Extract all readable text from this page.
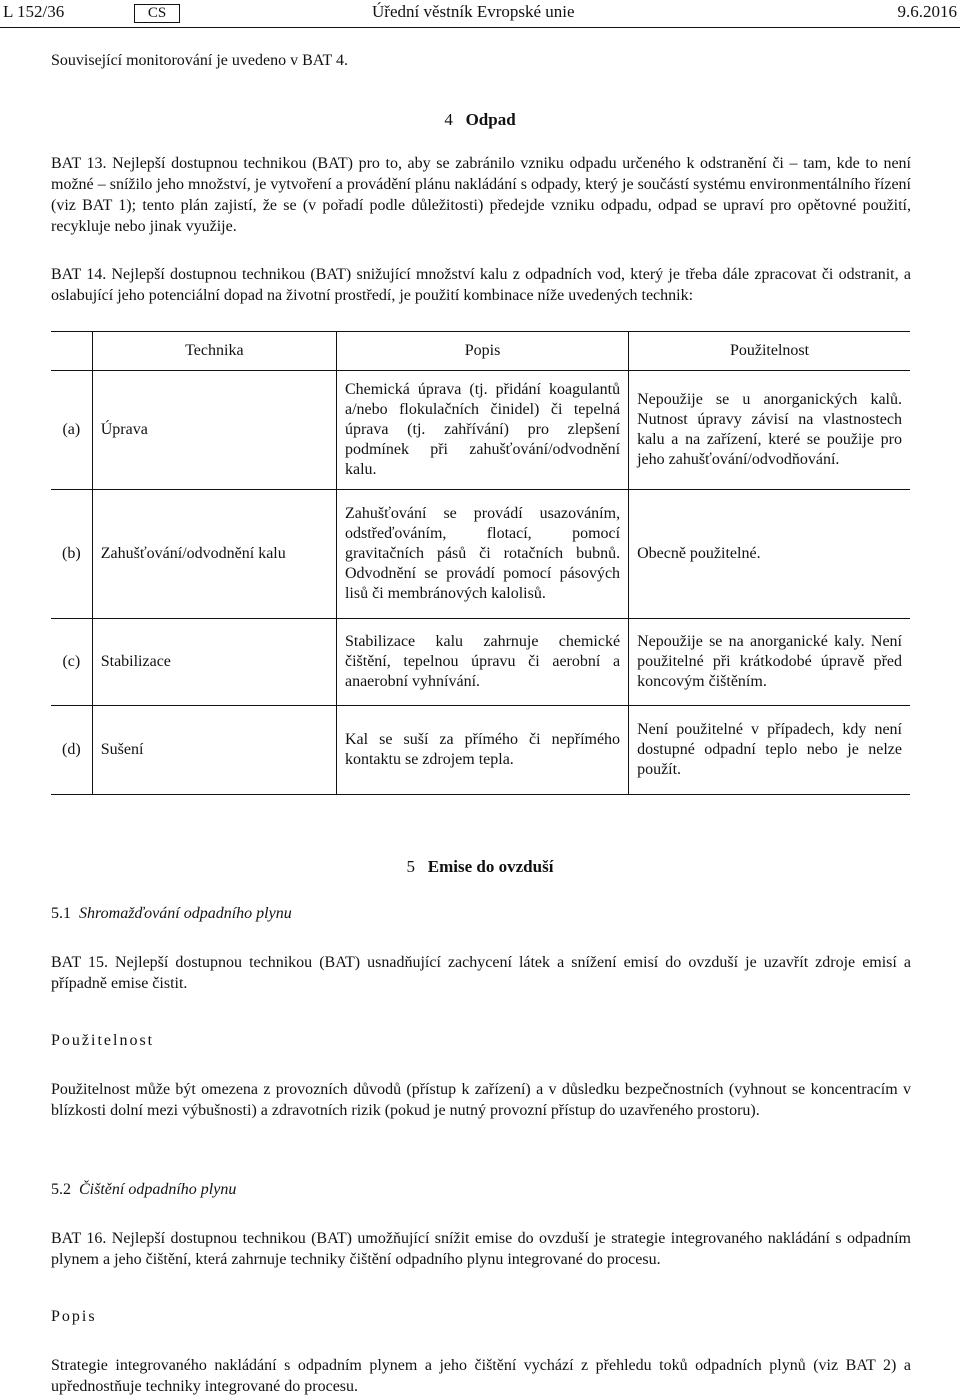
L 152/36	CS	Úřední věstník Evropské unie	9.6.2016

Související monitorování je uvedeno v BAT 4.

4 Odpad

BAT 13. Nejlepší dostupnou technikou (BAT) pro to, aby se zabránilo vzniku odpadu určeného k odstranění či – tam, kde to není možné – snížilo jeho množství, je vytvoření a provádění plánu nakládání s odpady, který je součástí systému environmentálního řízení (viz BAT 1); tento plán zajistí, že se (v pořadí podle důležitosti) předejde vzniku odpadu, odpad se upraví pro opětovné použití, recykluje nebo jinak využije.

BAT 14. Nejlepší dostupnou technikou (BAT) snižující množství kalu z odpadních vod, který je třeba dále zpracovat či odstranit, a oslabující jeho potenciální dopad na životní prostředí, je použití kombinace níže uvedených technik:

	Technika	Popis	Použitelnost
(a)	Úprava	Chemická úprava (tj. přidání koagulantů a/nebo flokulačních činidel) či tepelná úprava (tj. zahřívání) pro zlepšení podmínek při zahušťování/odvodnění kalu.	Nepoužije se u anorganických kalů. Nutnost úpravy závisí na vlastnostech kalu a na zařízení, které se použije pro jeho zahušťování/odvodňování.
(b)	Zahušťování/odvodnění kalu	Zahušťování se provádí usazováním, odstřeďováním, flotací, pomocí gravitačních pásů či rotačních bubnů. Odvodnění se provádí pomocí pásových lisů či membránových kalolisů.	Obecně použitelné.
(c)	Stabilizace	Stabilizace kalu zahrnuje chemické čištění, tepelnou úpravu či aerobní a anaerobní vyhnívání.	Nepoužije se na anorganické kaly. Není použitelné při krátkodobé úpravě před koncovým čištěním.
(d)	Sušení	Kal se suší za přímého či nepřímého kontaktu se zdrojem tepla.	Není použitelné v případech, kdy není dostupné odpadní teplo nebo je nelze použít.

5 Emise do ovzduší

5.1 Shromažďování odpadního plynu

BAT 15. Nejlepší dostupnou technikou (BAT) usnadňující zachycení látek a snížení emisí do ovzduší je uzavřít zdroje emisí a případně emise čistit.

Použitelnost

Použitelnost může být omezena z provozních důvodů (přístup k zařízení) a v důsledku bezpečnostních (vyhnout se koncentracím v blízkosti dolní mezi výbušnosti) a zdravotních rizik (pokud je nutný provozní přístup do uzavřeného prostoru).

5.2 Čištění odpadního plynu

BAT 16. Nejlepší dostupnou technikou (BAT) umožňující snížit emise do ovzduší je strategie integrovaného nakládání s odpadním plynem a jeho čištění, která zahrnuje techniky čištění odpadního plynu integrované do procesu.

Popis

Strategie integrovaného nakládání s odpadním plynem a jeho čištění vychází z přehledu toků odpadních plynů (viz BAT 2) a upřednostňuje techniky integrované do procesu.
